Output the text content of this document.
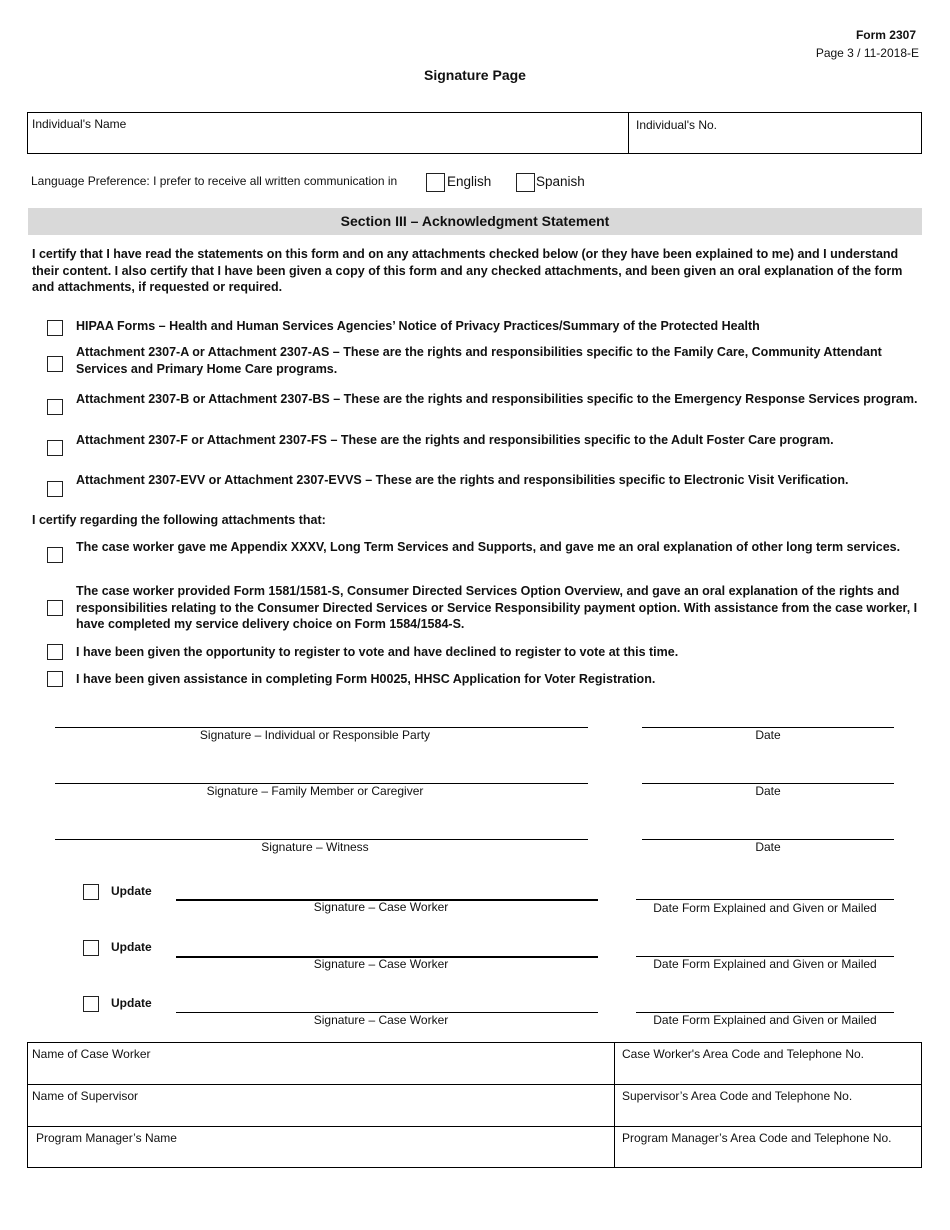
Form 2307
Page 3 / 11-2018-E
Signature Page
Individual's Name	Individual's No.
Language Preference: I prefer to receive all written communication in	English	Spanish
Section III – Acknowledgment Statement
I certify that I have read the statements on this form and on any attachments checked below (or they have been explained to me) and I understand their content. I also certify that I have been given a copy of this form and any checked attachments, and been given an oral explanation of the form and attachments, if requested or required.
HIPAA Forms – Health and Human Services Agencies’ Notice of Privacy Practices/Summary of the Protected Health
Attachment 2307-A or Attachment 2307-AS – These are the rights and responsibilities specific to the Family Care, Community Attendant Services and Primary Home Care programs.
Attachment 2307-B or Attachment 2307-BS – These are the rights and responsibilities specific to the Emergency Response Services program.
Attachment 2307-F or Attachment 2307-FS – These are the rights and responsibilities specific to the Adult Foster Care program.
Attachment 2307-EVV or Attachment 2307-EVVS – These are the rights and responsibilities specific to Electronic Visit Verification.
I certify regarding the following attachments that:
The case worker gave me Appendix XXXV, Long Term Services and Supports, and gave me an oral explanation of other long term services.
The case worker provided Form 1581/1581-S, Consumer Directed Services Option Overview, and gave an oral explanation of the rights and responsibilities relating to the Consumer Directed Services or Service Responsibility payment option. With assistance from the case worker, I have completed my service delivery choice on Form 1584/1584-S.
I have been given the opportunity to register to vote and have declined to register to vote at this time.
I have been given assistance in completing Form H0025, HHSC Application for Voter Registration.
Signature – Individual or Responsible Party	Date
Signature – Family Member or Caregiver	Date
Signature – Witness	Date
Update
Signature – Case Worker	Date Form Explained and Given or Mailed
Update
Signature – Case Worker	Date Form Explained and Given or Mailed
Update
Signature – Case Worker	Date Form Explained and Given or Mailed
Name of Case Worker	Case Worker's Area Code and Telephone No.
Name of Supervisor	Supervisor’s Area Code and Telephone No.
Program Manager’s Name	Program Manager’s Area Code and Telephone No.
